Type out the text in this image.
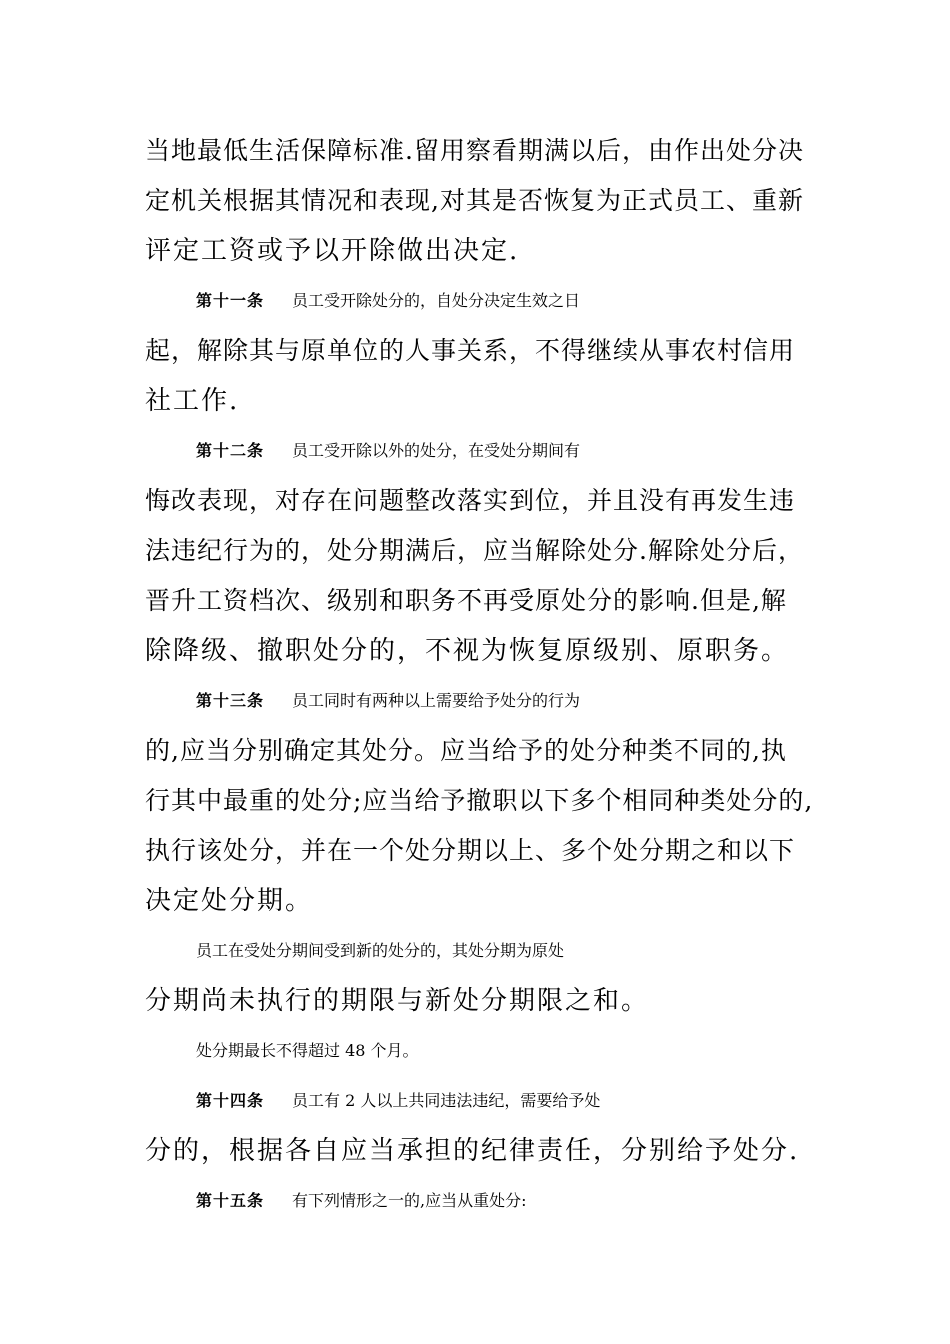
当地最低生活保障标准.留用察看期满以后，由作出处分决
定机关根据其情况和表现,对其是否恢复为正式员工、重新
评定工资或予以开除做出决定.
第十一条 员工受开除处分的，自处分决定生效之日
起，解除其与原单位的人事关系，不得继续从事农村信用
社工作.
第十二条 员工受开除以外的处分，在受处分期间有
悔改表现，对存在问题整改落实到位，并且没有再发生违
法违纪行为的，处分期满后，应当解除处分.解除处分后，
晋升工资档次、级别和职务不再受原处分的影响.但是,解
除降级、撤职处分的，不视为恢复原级别、原职务。
第十三条 员工同时有两种以上需要给予处分的行为
的,应当分别确定其处分。应当给予的处分种类不同的,执
行其中最重的处分;应当给予撤职以下多个相同种类处分的,
执行该处分，并在一个处分期以上、多个处分期之和以下
决定处分期。
员工在受处分期间受到新的处分的，其处分期为原处
分期尚未执行的期限与新处分期限之和。
处分期最长不得超过 48 个月。
第十四条 员工有 2 人以上共同违法违纪，需要给予处
分的，根据各自应当承担的纪律责任，分别给予处分.
第十五条 有下列情形之一的,应当从重处分:
